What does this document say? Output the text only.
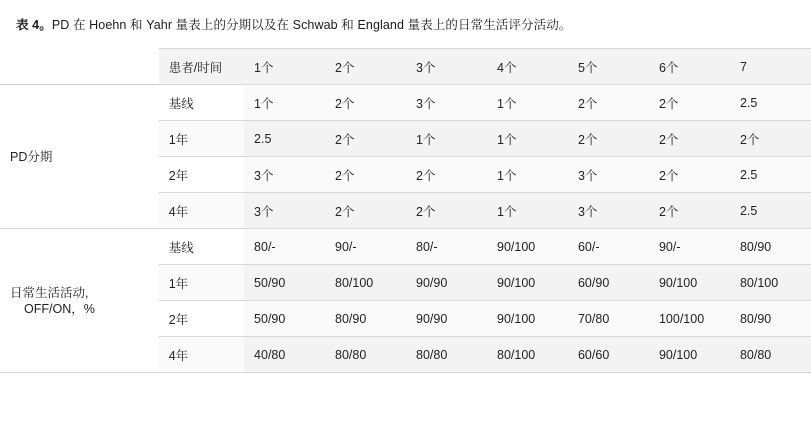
表 4。PD 在 Hoehn 和 Yahr 量表上的分期以及在 Schwab 和 England 量表上的日常生活评分活动。
	患者/时间	1个	2个	3个	4个	5个	6个	7
PD分期	基线	1个	2个	3个	1个	2个	2个	2.5
	1年	2.5	2个	1个	1个	2个	2个	2个
	2年	3个	2个	2个	1个	3个	2个	2.5
	4年	3个	2个	2个	1个	3个	2个	2.5
日常生活活动,
OFF/ON，%	基线	80/-	90/-	80/-	90/100	60/-	90/-	80/90
	1年	50/90	80/100	90/90	90/100	60/90	90/100	80/100
	2年	50/90	80/90	90/90	90/100	70/80	100/100	80/90
	4年	40/80	80/80	80/80	80/100	60/60	90/100	80/80
